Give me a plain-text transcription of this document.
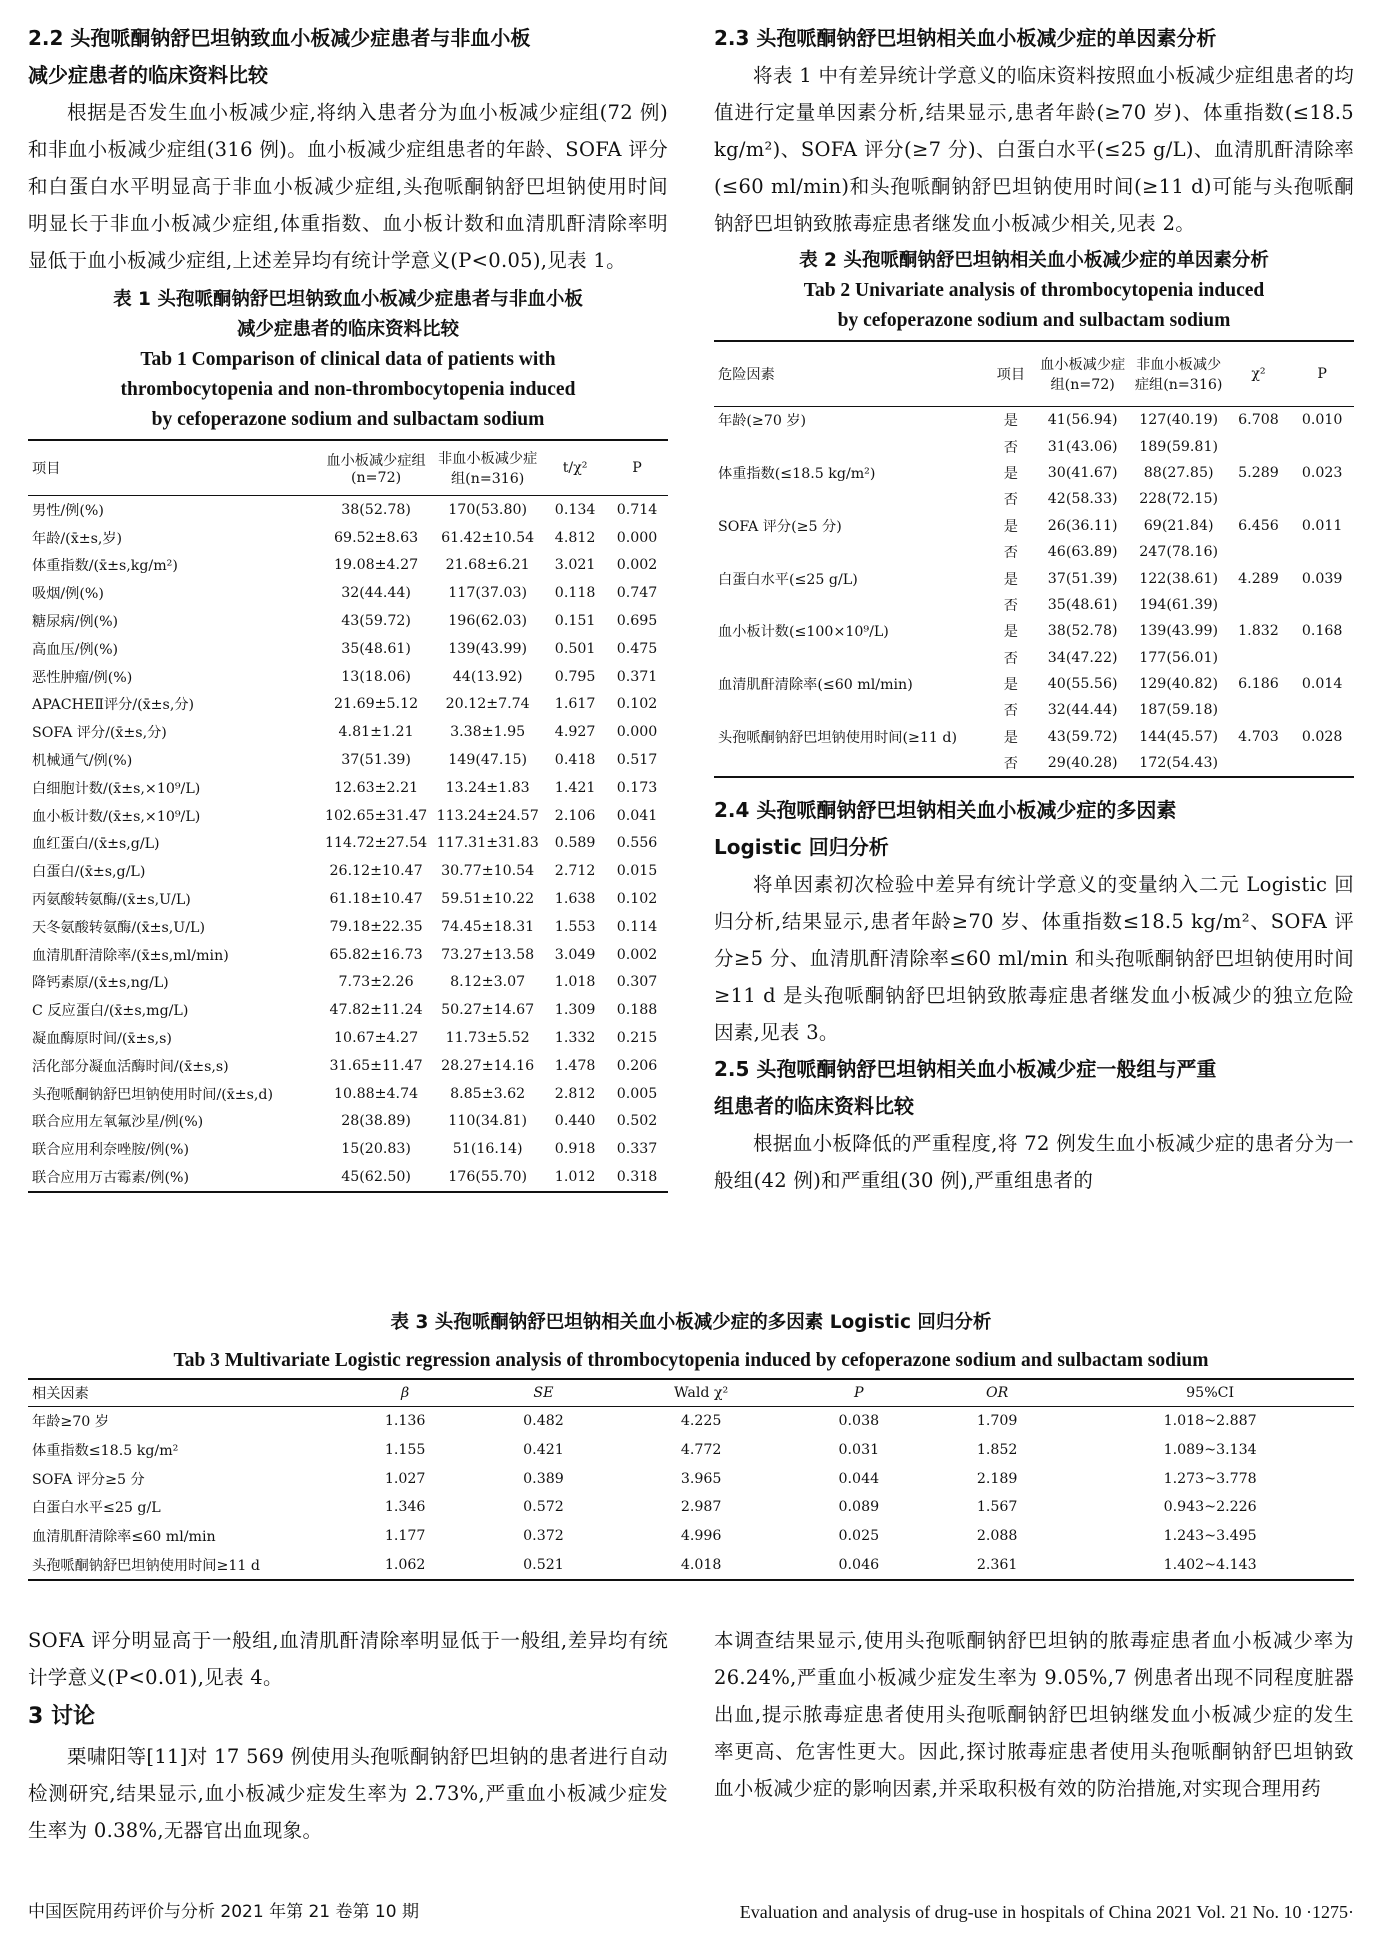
2.2 头孢哌酮钠舒巴坦钠致血小板减少症患者与非血小板

减少症患者的临床资料比较

根据是否发生血小板减少症,将纳入患者分为血小板减少症组(72 例)和非血小板减少症组(316 例)。血小板减少症组患者的年龄、SOFA 评分和白蛋白水平明显高于非血小板减少症组,头孢哌酮钠舒巴坦钠使用时间明显长于非血小板减少症组,体重指数、血小板计数和血清肌酐清除率明显低于血小板减少症组,上述差异均有统计学意义(P<0.05),见表 1。

表 1 头孢哌酮钠舒巴坦钠致血小板减少症患者与非血小板

减少症患者的临床资料比较

Tab 1 Comparison of clinical data of patients with

thrombocytopenia and non-thrombocytopenia induced

by cefoperazone sodium and sulbactam sodium

项目	血小板减少症组(n=72)	非血小板减少症组(n=316)	t/χ²	P
男性/例(%)	38(52.78)	170(53.80)	0.134	0.714
年龄/(x̄±s,岁)	69.52±8.63	61.42±10.54	4.812	0.000
体重指数/(x̄±s,kg/m²)	19.08±4.27	21.68±6.21	3.021	0.002
吸烟/例(%)	32(44.44)	117(37.03)	0.118	0.747
糖尿病/例(%)	43(59.72)	196(62.03)	0.151	0.695
高血压/例(%)	35(48.61)	139(43.99)	0.501	0.475
恶性肿瘤/例(%)	13(18.06)	44(13.92)	0.795	0.371
APACHEⅡ评分/(x̄±s,分)	21.69±5.12	20.12±7.74	1.617	0.102
SOFA 评分/(x̄±s,分)	4.81±1.21	3.38±1.95	4.927	0.000
机械通气/例(%)	37(51.39)	149(47.15)	0.418	0.517
白细胞计数/(x̄±s,×10⁹/L)	12.63±2.21	13.24±1.83	1.421	0.173
血小板计数/(x̄±s,×10⁹/L)	102.65±31.47	113.24±24.57	2.106	0.041
血红蛋白/(x̄±s,g/L)	114.72±27.54	117.31±31.83	0.589	0.556
白蛋白/(x̄±s,g/L)	26.12±10.47	30.77±10.54	2.712	0.015
丙氨酸转氨酶/(x̄±s,U/L)	61.18±10.47	59.51±10.22	1.638	0.102
天冬氨酸转氨酶/(x̄±s,U/L)	79.18±22.35	74.45±18.31	1.553	0.114
血清肌酐清除率/(x̄±s,ml/min)	65.82±16.73	73.27±13.58	3.049	0.002
降钙素原/(x̄±s,ng/L)	7.73±2.26	8.12±3.07	1.018	0.307
C 反应蛋白/(x̄±s,mg/L)	47.82±11.24	50.27±14.67	1.309	0.188
凝血酶原时间/(x̄±s,s)	10.67±4.27	11.73±5.52	1.332	0.215
活化部分凝血活酶时间/(x̄±s,s)	31.65±11.47	28.27±14.16	1.478	0.206
头孢哌酮钠舒巴坦钠使用时间/(x̄±s,d)	10.88±4.74	8.85±3.62	2.812	0.005
联合应用左氧氟沙星/例(%)	28(38.89)	110(34.81)	0.440	0.502
联合应用利奈唑胺/例(%)	15(20.83)	51(16.14)	0.918	0.337
联合应用万古霉素/例(%)	45(62.50)	176(55.70)	1.012	0.318

2.3 头孢哌酮钠舒巴坦钠相关血小板减少症的单因素分析

将表 1 中有差异统计学意义的临床资料按照血小板减少症组患者的均值进行定量单因素分析,结果显示,患者年龄(≥70 岁)、体重指数(≤18.5 kg/m²)、SOFA 评分(≥7 分)、白蛋白水平(≤25 g/L)、血清肌酐清除率(≤60 ml/min)和头孢哌酮钠舒巴坦钠使用时间(≥11 d)可能与头孢哌酮钠舒巴坦钠致脓毒症患者继发血小板减少相关,见表 2。

表 2 头孢哌酮钠舒巴坦钠相关血小板减少症的单因素分析

Tab 2 Univariate analysis of thrombocytopenia induced

by cefoperazone sodium and sulbactam sodium

危险因素	项目	血小板减少症组(n=72)	非血小板减少症组(n=316)	χ²	P
年龄(≥70 岁)	是	41(56.94)	127(40.19)	6.708	0.010
	否	31(43.06)	189(59.81)		
体重指数(≤18.5 kg/m²)	是	30(41.67)	88(27.85)	5.289	0.023
	否	42(58.33)	228(72.15)		
SOFA 评分(≥5 分)	是	26(36.11)	69(21.84)	6.456	0.011
	否	46(63.89)	247(78.16)		
白蛋白水平(≤25 g/L)	是	37(51.39)	122(38.61)	4.289	0.039
	否	35(48.61)	194(61.39)		
血小板计数(≤100×10⁹/L)	是	38(52.78)	139(43.99)	1.832	0.168
	否	34(47.22)	177(56.01)		
血清肌酐清除率(≤60 ml/min)	是	40(55.56)	129(40.82)	6.186	0.014
	否	32(44.44)	187(59.18)		
头孢哌酮钠舒巴坦钠使用时间(≥11 d)	是	43(59.72)	144(45.57)	4.703	0.028
	否	29(40.28)	172(54.43)		

2.4 头孢哌酮钠舒巴坦钠相关血小板减少症的多因素

Logistic 回归分析

将单因素初次检验中差异有统计学意义的变量纳入二元 Logistic 回归分析,结果显示,患者年龄≥70 岁、体重指数≤18.5 kg/m²、SOFA 评分≥5 分、血清肌酐清除率≤60 ml/min 和头孢哌酮钠舒巴坦钠使用时间≥11 d 是头孢哌酮钠舒巴坦钠致脓毒症患者继发血小板减少的独立危险因素,见表 3。

2.5 头孢哌酮钠舒巴坦钠相关血小板减少症一般组与严重

组患者的临床资料比较

根据血小板降低的严重程度,将 72 例发生血小板减少症的患者分为一般组(42 例)和严重组(30 例),严重组患者的

表 3 头孢哌酮钠舒巴坦钠相关血小板减少症的多因素 Logistic 回归分析

Tab 3 Multivariate Logistic regression analysis of thrombocytopenia induced by cefoperazone sodium and sulbactam sodium

相关因素	β	SE	Wald χ²	P	OR	95%CI
年龄≥70 岁	1.136	0.482	4.225	0.038	1.709	1.018~2.887
体重指数≤18.5 kg/m²	1.155	0.421	4.772	0.031	1.852	1.089~3.134
SOFA 评分≥5 分	1.027	0.389	3.965	0.044	2.189	1.273~3.778
白蛋白水平≤25 g/L	1.346	0.572	2.987	0.089	1.567	0.943~2.226
血清肌酐清除率≤60 ml/min	1.177	0.372	4.996	0.025	2.088	1.243~3.495
头孢哌酮钠舒巴坦钠使用时间≥11 d	1.062	0.521	4.018	0.046	2.361	1.402~4.143

SOFA 评分明显高于一般组,血清肌酐清除率明显低于一般组,差异均有统计学意义(P<0.01),见表 4。

3 讨论

栗啸阳等[11]对 17 569 例使用头孢哌酮钠舒巴坦钠的患者进行自动检测研究,结果显示,血小板减少症发生率为 2.73%,严重血小板减少症发生率为 0.38%,无器官出血现象。

本调查结果显示,使用头孢哌酮钠舒巴坦钠的脓毒症患者血小板减少率为 26.24%,严重血小板减少症发生率为 9.05%,7 例患者出现不同程度脏器出血,提示脓毒症患者使用头孢哌酮钠舒巴坦钠继发血小板减少症的发生率更高、危害性更大。因此,探讨脓毒症患者使用头孢哌酮钠舒巴坦钠致血小板减少症的影响因素,并采取积极有效的防治措施,对实现合理用药

中国医院用药评价与分析 2021 年第 21 卷第 10 期	Evaluation and analysis of drug-use in hospitals of China 2021 Vol. 21 No. 10 ·1275·
